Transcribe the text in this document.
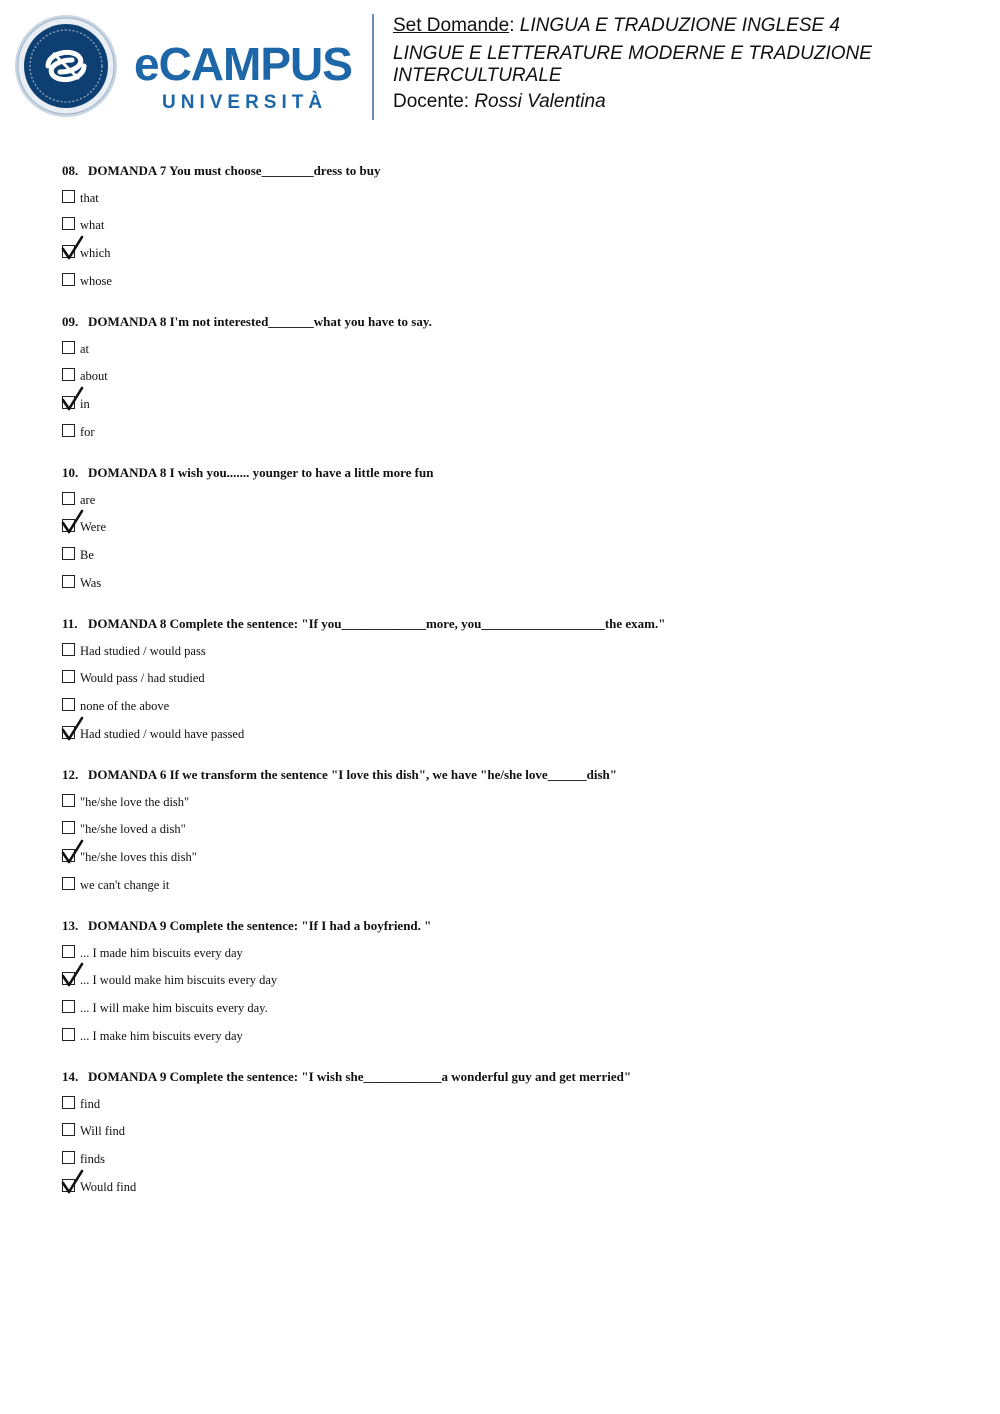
eCAMPUS
UNIVERSITÀ
Set Domande: LINGUA E TRADUZIONE INGLESE 4
LINGUE E LETTERATURE MODERNE E TRADUZIONE
INTERCULTURALE
Docente: Rossi Valentina
08. DOMANDA 7 You must choose________dress to buy
that
what
which
whose
09. DOMANDA 8 I'm not interested_______what you have to say.
at
about
in
for
10. DOMANDA 8 I wish you....... younger to have a little more fun
are
Were
Be
Was
11. DOMANDA 8 Complete the sentence: "If you_____________more, you___________________the exam."
Had studied / would pass
Would pass / had studied
none of the above
Had studied / would have passed
12. DOMANDA 6 If we transform the sentence "I love this dish", we have "he/she love______dish"
"he/she love the dish"
"he/she loved a dish"
"he/she loves this dish"
we can't change it
13. DOMANDA 9 Complete the sentence: "If I had a boyfriend. "
... I made him biscuits every day
... I would make him biscuits every day
... I will make him biscuits every day.
... I make him biscuits every day
14. DOMANDA 9 Complete the sentence: "I wish she____________a wonderful guy and get merried"
find
Will find
finds
Would find
